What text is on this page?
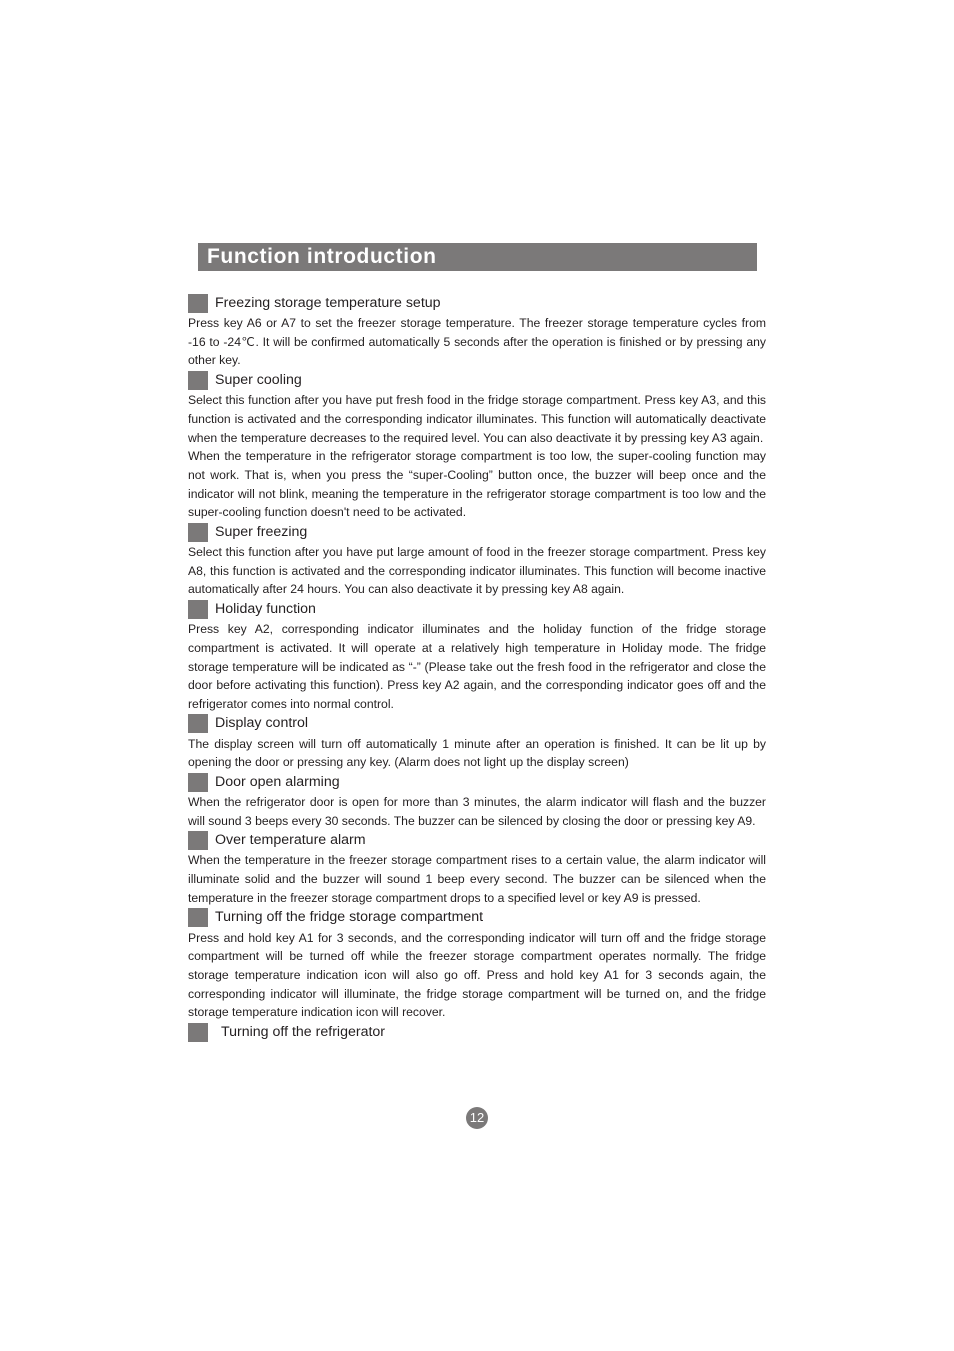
Function introduction
Freezing storage temperature setup

Press key A6 or A7 to set the freezer storage temperature. The freezer storage temperature cycles from -16 to -24℃. It will be confirmed automatically 5 seconds after the operation is finished or by pressing any other key.

Super cooling

Select this function after you have put fresh food in the fridge storage compartment. Press key A3, and this function is activated and the corresponding indicator illuminates. This function will automatically deactivate when the temperature decreases to the required level. You can also deactivate it by pressing key A3 again.

When the temperature in the refrigerator storage compartment is too low, the super-cooling function may not work. That is, when you press the “super-Cooling” button once, the buzzer will beep once and the indicator will not blink, meaning the temperature in the refrigerator storage compartment is too low and the super-cooling function doesn't need to be activated.

Super freezing

Select this function after you have put large amount of food in the freezer storage compartment. Press key A8, this function is activated and the corresponding indicator illuminates. This function will become inactive automatically after 24 hours. You can also deactivate it by pressing key A8 again.

Holiday function

Press key A2, corresponding indicator illuminates and the holiday function of the fridge storage compartment is activated. It will operate at a relatively high temperature in Holiday mode. The fridge storage temperature will be indicated as “-” (Please take out the fresh food in the refrigerator and close the door before activating this function). Press key A2 again, and the corresponding indicator goes off and the refrigerator comes into normal control.

Display control

The display screen will turn off automatically 1 minute after an operation is finished. It can be lit up by opening the door or pressing any key. (Alarm does not light up the display screen)

Door open alarming

When the refrigerator door is open for more than 3 minutes, the alarm indicator will flash and the buzzer will sound 3 beeps every 30 seconds. The buzzer can be silenced by closing the door or pressing key A9.

Over temperature alarm

When the temperature in the freezer storage compartment rises to a certain value, the alarm indicator will illuminate solid and the buzzer will sound 1 beep every second. The buzzer can be silenced when the temperature in the freezer storage compartment drops to a specified level or key A9 is pressed.

Turning off the fridge storage compartment

Press and hold key A1 for 3 seconds, and the corresponding indicator will turn off and the fridge storage compartment will be turned off while the freezer storage compartment operates normally. The fridge storage temperature indication icon will also go off. Press and hold key A1 for 3 seconds again, the corresponding indicator will illuminate, the fridge storage compartment will be turned on, and the fridge storage temperature indication icon will recover.

Turning off the refrigerator
12
